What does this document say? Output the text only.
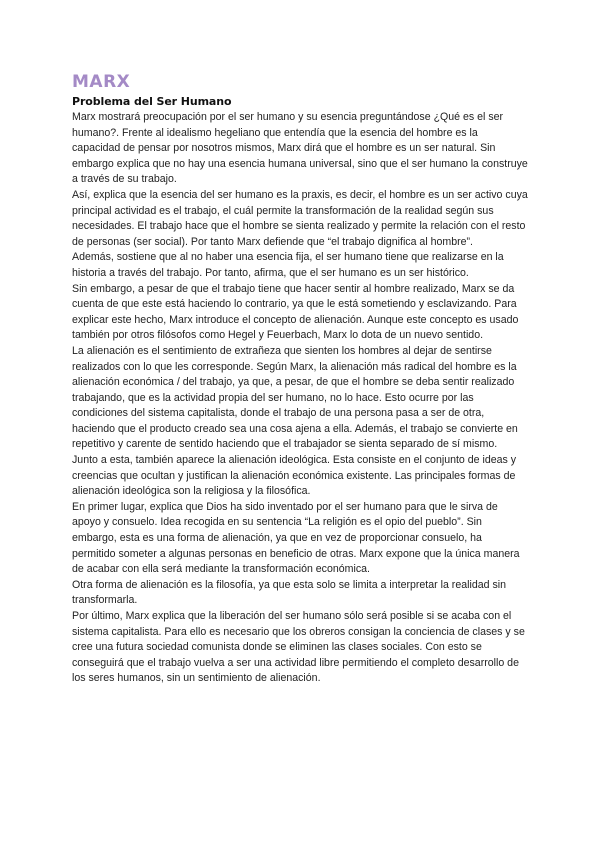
MARX
Problema del Ser Humano

Marx mostrará preocupación por el ser humano y su esencia preguntándose ¿Qué es el ser humano?. Frente al idealismo hegeliano que entendía que la esencia del hombre es la capacidad de pensar por nosotros mismos, Marx dirá que el hombre es un ser natural. Sin embargo explica que no hay una esencia humana universal, sino que el ser humano la construye a través de su trabajo.

Así, explica que la esencia del ser humano es la praxis, es decir, el hombre es un ser activo cuya principal actividad es el trabajo, el cuál permite la transformación de la realidad según sus necesidades. El trabajo hace que el hombre se sienta realizado y permite la relación con el resto de personas (ser social). Por tanto Marx defiende que “el trabajo dignifica al hombre”.

Además, sostiene que al no haber una esencia fija, el ser humano tiene que realizarse en la historia a través del trabajo. Por tanto, afirma, que el ser humano es un ser histórico.

Sin embargo, a pesar de que el trabajo tiene que hacer sentir al hombre realizado, Marx se da cuenta de que este está haciendo lo contrario, ya que le está sometiendo y esclavizando. Para explicar este hecho, Marx introduce el concepto de alienación. Aunque este concepto es usado también por otros filósofos como Hegel y Feuerbach, Marx lo dota de un nuevo sentido.

La alienación es el sentimiento de extrañeza que sienten los hombres al dejar de sentirse realizados con lo que les corresponde. Según Marx, la alienación más radical del hombre es la alienación económica / del trabajo, ya que, a pesar, de que el hombre se deba sentir realizado trabajando, que es la actividad propia del ser humano, no lo hace. Esto ocurre por las condiciones del sistema capitalista, donde el trabajo de una persona pasa a ser de otra, haciendo que el producto creado sea una cosa ajena a ella. Además, el trabajo se convierte en repetitivo y carente de sentido haciendo que el trabajador se sienta separado de sí mismo.

Junto a esta, también aparece la alienación ideológica. Esta consiste en el conjunto de ideas y creencias que ocultan y justifican la alienación económica existente. Las principales formas de alienación ideológica son la religiosa y la filosófica.

En primer lugar, explica que Dios ha sido inventado por el ser humano para que le sirva de apoyo y consuelo. Idea recogida en su sentencia “La religión es el opio del pueblo”. Sin embargo, esta es una forma de alienación, ya que en vez de proporcionar consuelo, ha permitido someter a algunas personas en beneficio de otras. Marx expone que la única manera de acabar con ella será mediante la transformación económica.

Otra forma de alienación es la filosofía, ya que esta solo se limita a interpretar la realidad sin transformarla.

Por último, Marx explica que la liberación del ser humano sólo será posible si se acaba con el sistema capitalista. Para ello es necesario que los obreros consigan la conciencia de clases y se cree una futura sociedad comunista donde se eliminen las clases sociales. Con esto se conseguirá que el trabajo vuelva a ser una actividad libre permitiendo el completo desarrollo de los seres humanos, sin un sentimiento de alienación.
